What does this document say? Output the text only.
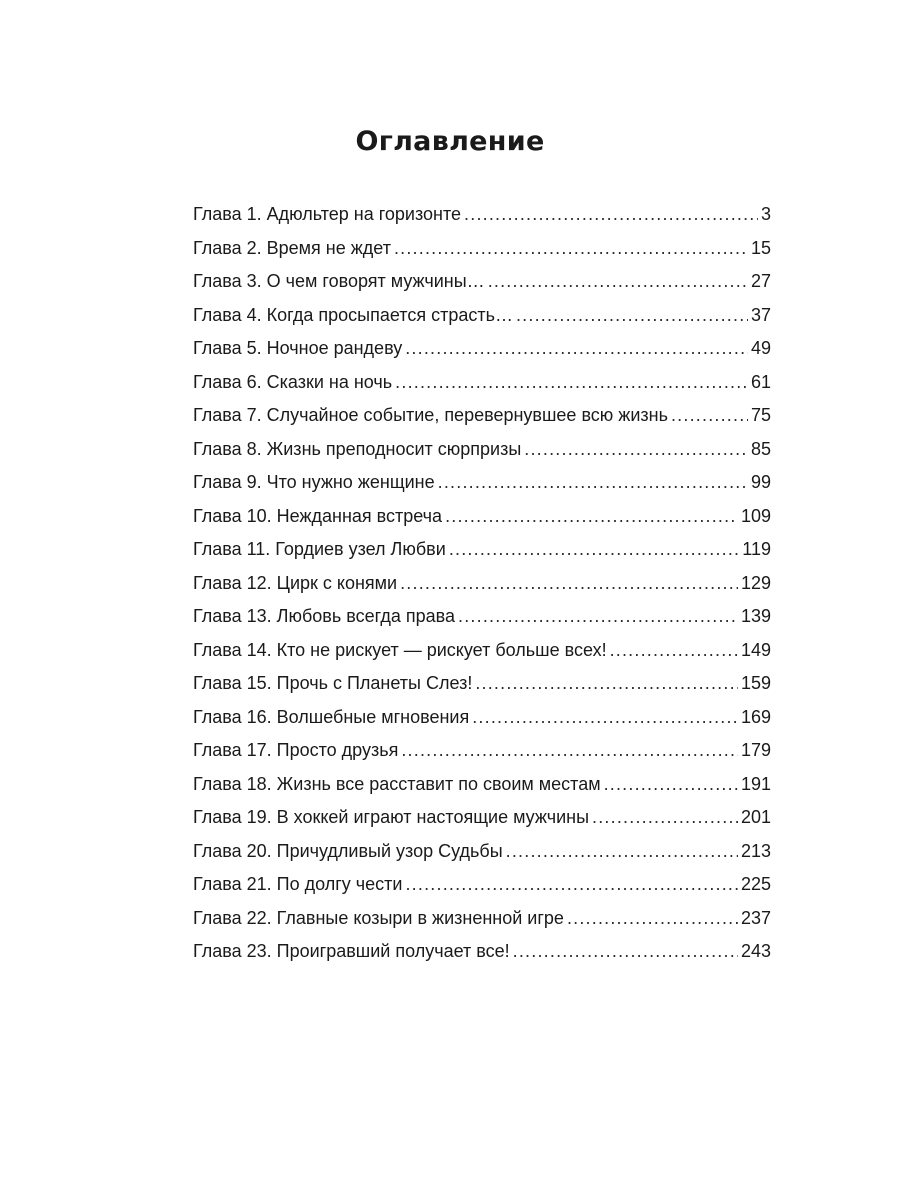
Оглавление
Глава 1. Адюльтер на горизонте .....	3
Глава 2. Время не ждет .....	15
Глава 3. О чем говорят мужчины… .....	27
Глава 4. Когда просыпается страсть… .....	37
Глава 5. Ночное рандеву .....	49
Глава 6. Сказки на ночь .....	61
Глава 7. Случайное событие, перевернувшее всю жизнь .....	75
Глава 8. Жизнь преподносит сюрпризы .....	85
Глава 9. Что нужно женщине .....	99
Глава 10. Нежданная встреча .....	109
Глава 11. Гордиев узел Любви .....	119
Глава 12. Цирк с конями .....	129
Глава 13. Любовь всегда права .....	139
Глава 14. Кто не рискует — рискует больше всех! .....	149
Глава 15. Прочь с Планеты Слез! .....	159
Глава 16. Волшебные мгновения .....	169
Глава 17. Просто друзья .....	179
Глава 18. Жизнь все расставит по своим местам .....	191
Глава 19. В хоккей играют настоящие мужчины .....	201
Глава 20. Причудливый узор Судьбы .....	213
Глава 21. По долгу чести .....	225
Глава 22. Главные козыри в жизненной игре .....	237
Глава 23. Проигравший получает все! .....	243
